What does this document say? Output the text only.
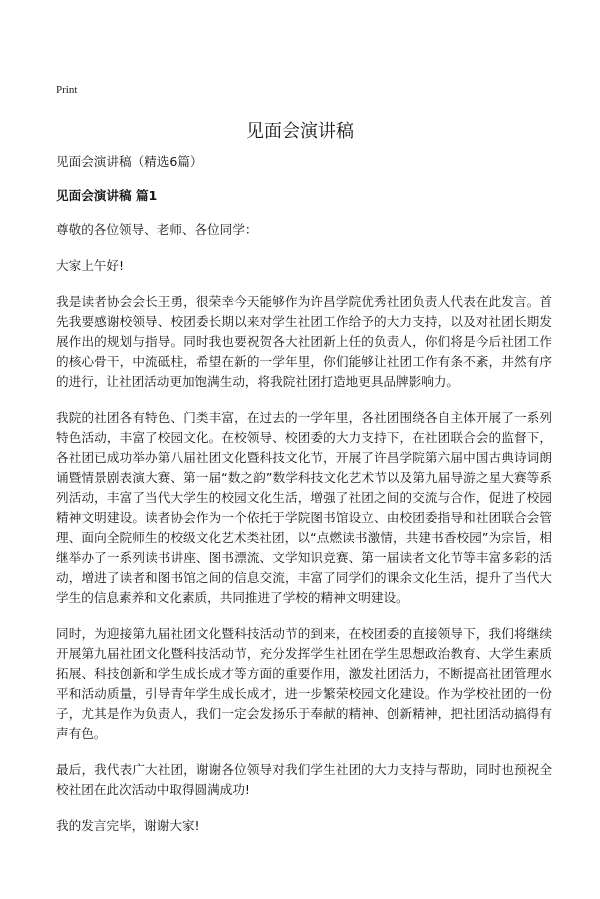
Print
见面会演讲稿

见面会演讲稿（精选6篇）

见面会演讲稿 篇1

尊敬的各位领导、老师、各位同学：

大家上午好!

我是读者协会会长王勇，很荣幸今天能够作为许昌学院优秀社团负责人代表在此发言。首先我要感谢校领导、校团委长期以来对学生社团工作给予的大力支持，以及对社团长期发展作出的规划与指导。同时我也要祝贺各大社团新上任的负责人，你们将是今后社团工作的核心骨干，中流砥柱，希望在新的一学年里，你们能够让社团工作有条不紊，井然有序的进行，让社团活动更加饱满生动，将我院社团打造地更具品牌影响力。

我院的社团各有特色、门类丰富，在过去的一学年里，各社团围绕各自主体开展了一系列特色活动，丰富了校园文化。在校领导、校团委的大力支持下，在社团联合会的监督下，各社团已成功举办第八届社团文化暨科技文化节，开展了许昌学院第六届中国古典诗词朗诵暨情景剧表演大赛、第一届“数之韵”数学科技文化艺术节以及第九届导游之星大赛等系列活动，丰富了当代大学生的校园文化生活，增强了社团之间的交流与合作，促进了校园精神文明建设。读者协会作为一个依托于学院图书馆设立、由校团委指导和社团联合会管理、面向全院师生的校级文化艺术类社团，以“点燃读书激情，共建书香校园”为宗旨，相继举办了一系列读书讲座、图书漂流、文学知识竞赛、第一届读者文化节等丰富多彩的活动，增进了读者和图书馆之间的信息交流，丰富了同学们的课余文化生活，提升了当代大学生的信息素养和文化素质，共同推进了学校的精神文明建设。

同时，为迎接第九届社团文化暨科技活动节的到来，在校团委的直接领导下，我们将继续开展第九届社团文化暨科技活动节，充分发挥学生社团在学生思想政治教育、大学生素质拓展、科技创新和学生成长成才等方面的重要作用，激发社团活力，不断提高社团管理水平和活动质量，引导青年学生成长成才，进一步繁荣校园文化建设。作为学校社团的一份子，尤其是作为负责人，我们一定会发扬乐于奉献的精神、创新精神，把社团活动搞得有声有色。

最后，我代表广大社团，谢谢各位领导对我们学生社团的大力支持与帮助，同时也预祝全校社团在此次活动中取得圆满成功!

我的发言完毕，谢谢大家!
